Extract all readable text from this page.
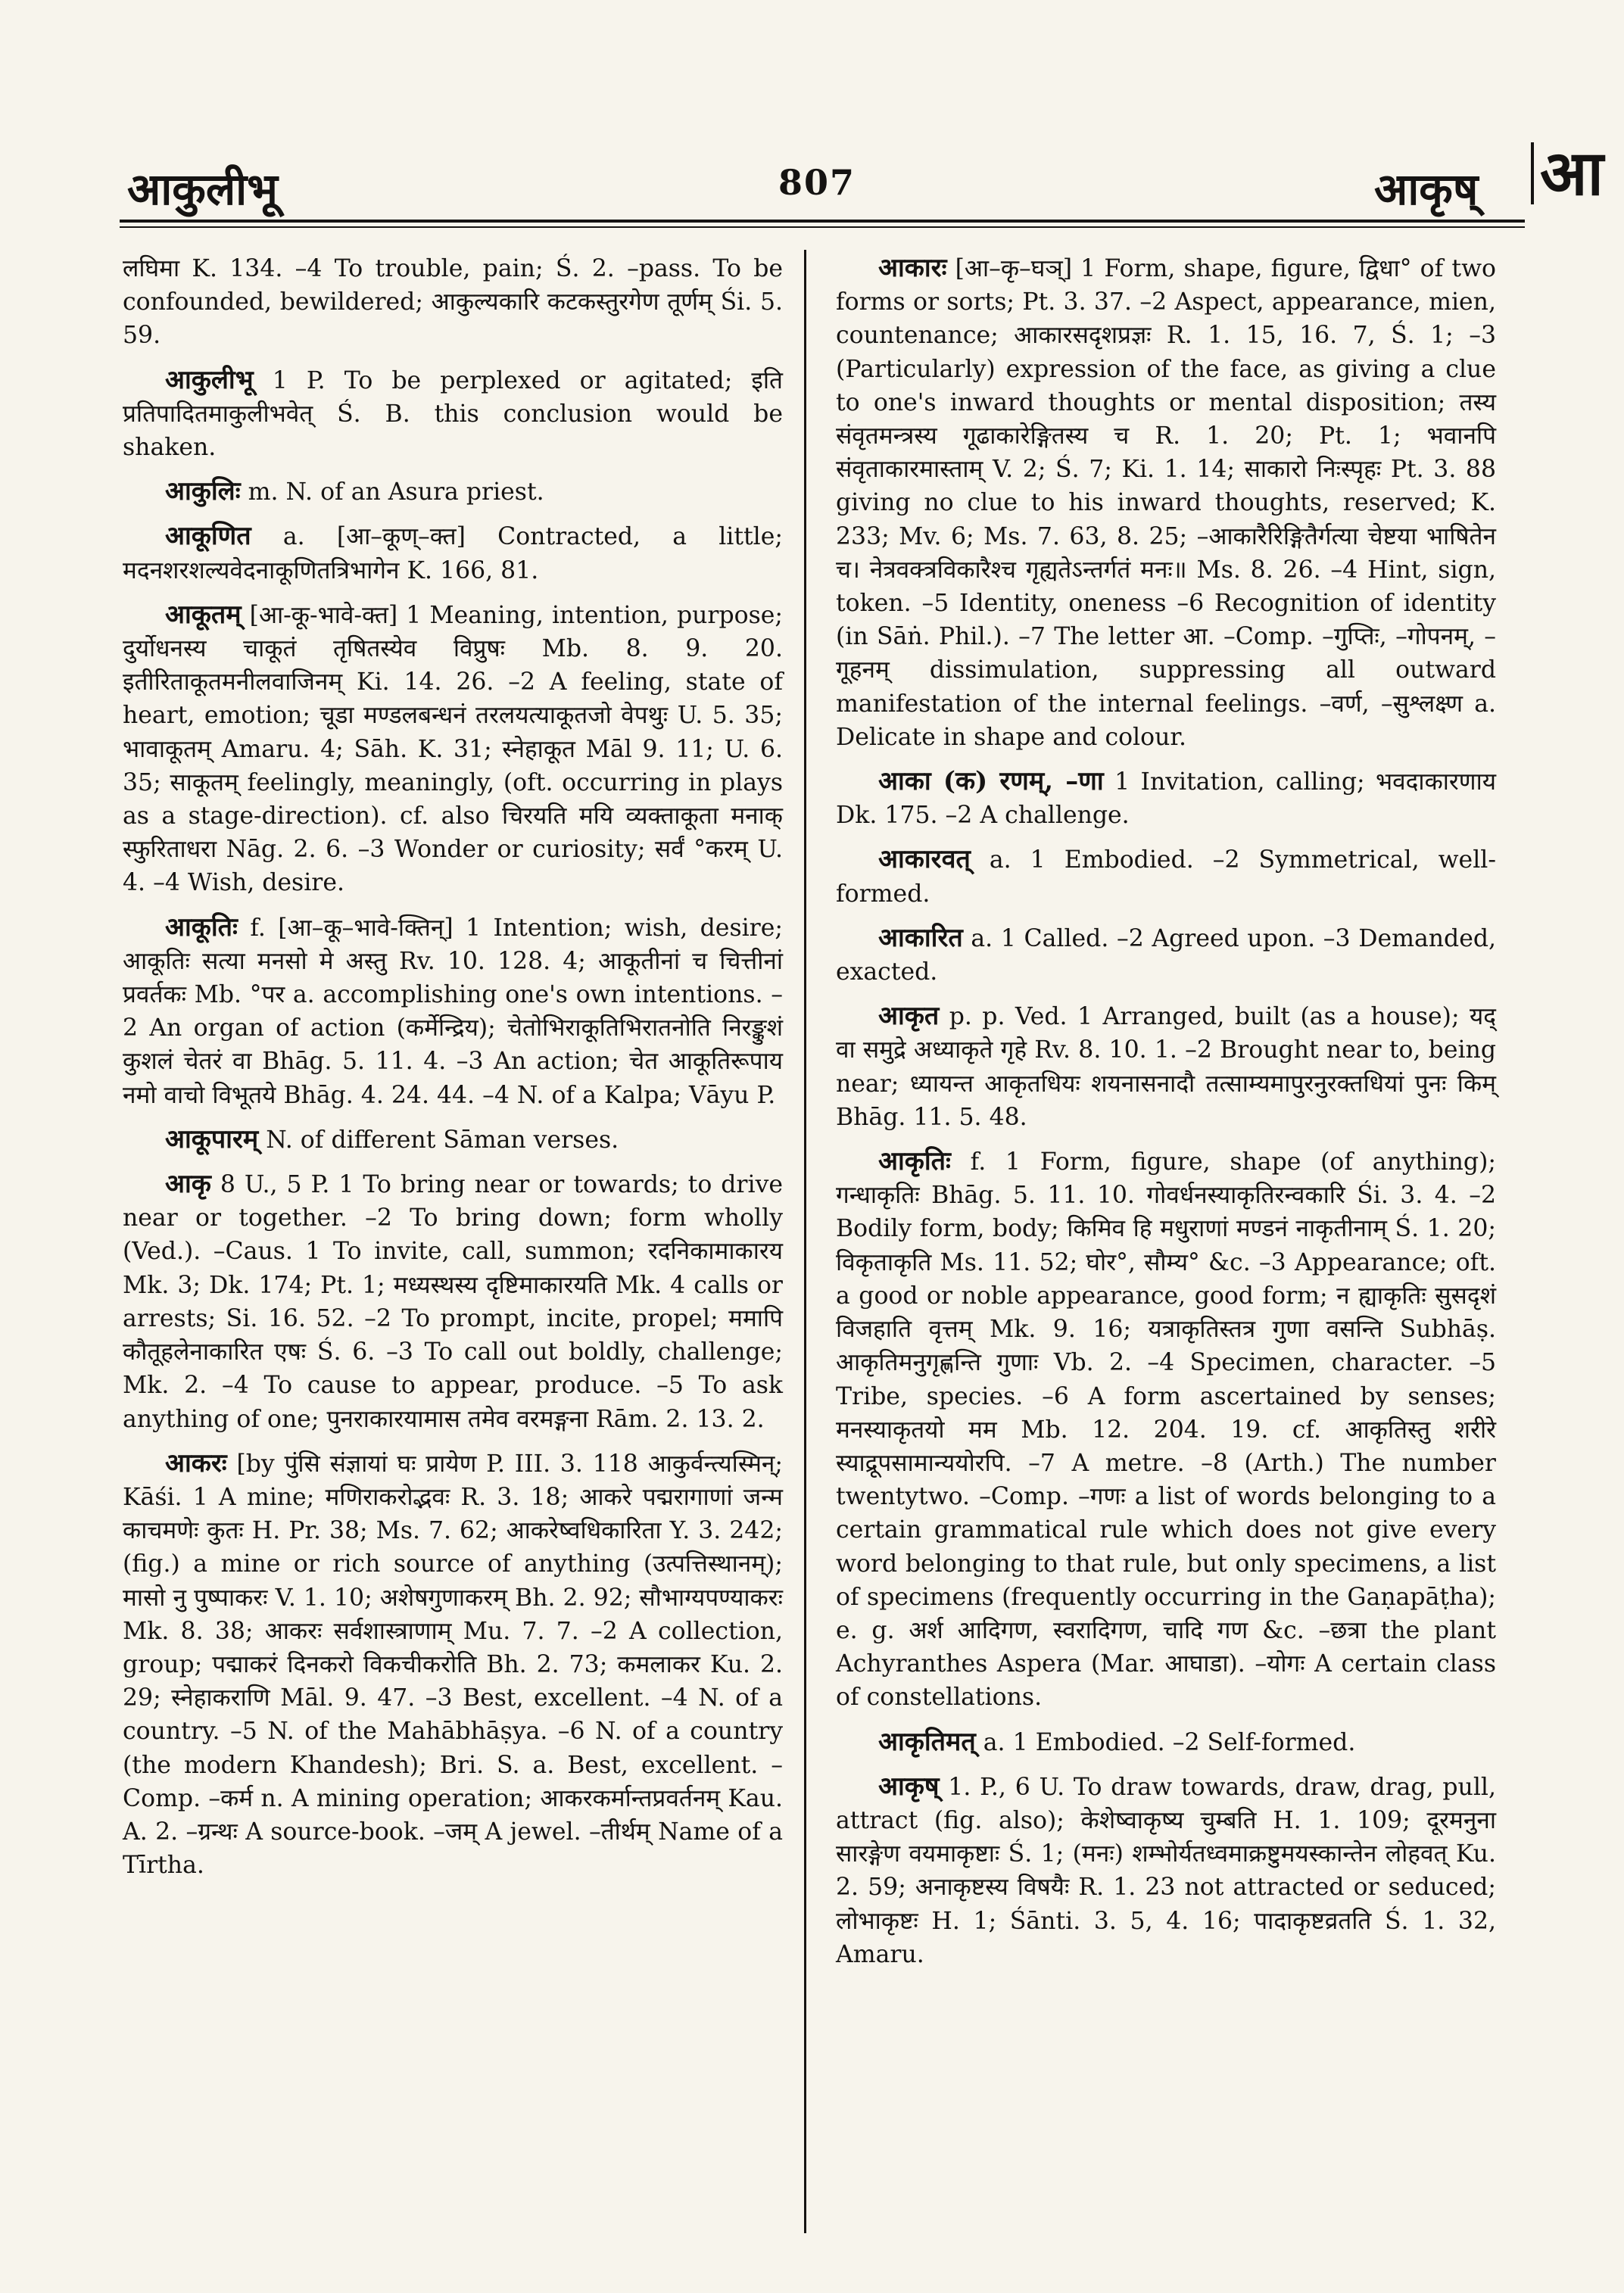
आकुलीभू	807	आकृष् आ

लघिमा K. 134. –4 To trouble, pain; Ś. 2. –pass. To be confounded, bewildered; आकुल्यकारि कटकस्तुरगेण तूर्णम् Śi. 5. 59.

आकुलीभू 1 P. To be perplexed or agitated; इति प्रतिपादितमाकुलीभवेत् Ś. B. this conclusion would be shaken.

आकुलिः m. N. of an Asura priest.

आकूणित a. [आ–कूण्–क्त] Contracted, a little; मदनशरशल्यवेदनाकूणितत्रिभागेन K. 166, 81.

आकूतम् [आ-कू-भावे-क्त] 1 Meaning, intention, purpose; दुर्योधनस्य चाकूतं तृषितस्येव विप्रुषः Mb. 8. 9. 20. इतीरिताकूतमनीलवाजिनम् Ki. 14. 26. –2 A feeling, state of heart, emotion; चूडा मण्डलबन्धनं तरलयत्याकूतजो वेपथुः U. 5. 35; भावाकूतम् Amaru. 4; Sāh. K. 31; स्नेहाकूत Māl 9. 11; U. 6. 35; साकूतम् feelingly, meaningly, (oft. occurring in plays as a stage-direction). cf. also चिरयति मयि व्यक्ताकूता मनाक् स्फुरिताधरा Nāg. 2. 6. –3 Wonder or curiosity; सर्वं °करम् U. 4. –4 Wish, desire.

आकूतिः f. [आ–कू–भावे-क्तिन्] 1 Intention; wish, desire; आकूतिः सत्या मनसो मे अस्तु Rv. 10. 128. 4; आकूतीनां च चित्तीनां प्रवर्तकः Mb. °पर a. accomplishing one's own intentions. –2 An organ of action (कर्मेन्द्रिय); चेतोभिराकूतिभिरातनोति निरङ्कुशं कुशलं चेतरं वा Bhāg. 5. 11. 4. –3 An action; चेत आकूतिरूपाय नमो वाचो विभूतये Bhāg. 4. 24. 44. –4 N. of a Kalpa; Vāyu P.

आकूपारम् N. of different Sāman verses.

आकृ 8 U., 5 P. 1 To bring near or towards; to drive near or together. –2 To bring down; form wholly (Ved.). –Caus. 1 To invite, call, summon; रदनिकामाकारय Mk. 3; Dk. 174; Pt. 1; मध्यस्थस्य दृष्टिमाकारयति Mk. 4 calls or arrests; Si. 16. 52. –2 To prompt, incite, propel; ममापि कौतूहलेनाकारित एषः Ś. 6. –3 To call out boldly, challenge; Mk. 2. –4 To cause to appear, produce. –5 To ask anything of one; पुनराकारयामास तमेव वरमङ्गना Rām. 2. 13. 2.

आकरः [by पुंसि संज्ञायां घः प्रायेण P. III. 3. 118 आकुर्वन्त्यस्मिन्; Kāśi. 1 A mine; मणिराकरोद्भवः R. 3. 18; आकरे पद्मरागाणां जन्म काचमणेः कुतः H. Pr. 38; Ms. 7. 62; आकरेष्वधिकारिता Y. 3. 242; (fig.) a mine or rich source of anything (उत्पत्तिस्थानम्); मासो नु पुष्पाकरः V. 1. 10; अशेषगुणाकरम् Bh. 2. 92; सौभाग्यपण्याकरः Mk. 8. 38; आकरः सर्वशास्त्राणाम् Mu. 7. 7. –2 A collection, group; पद्माकरं दिनकरो विकचीकरोति Bh. 2. 73; कमलाकर Ku. 2. 29; स्नेहाकराणि Māl. 9. 47. –3 Best, excellent. –4 N. of a country. –5 N. of the Mahābhāṣya. –6 N. of a country (the modern Khandesh); Bri. S. a. Best, excellent. –Comp. –कर्म n. A mining operation; आकरकर्मान्तप्रवर्तनम् Kau. A. 2. –ग्रन्थः A source-book. –जम् A jewel. –तीर्थम् Name of a Tīrtha.

आकारः [आ–कृ–घञ्] 1 Form, shape, figure, द्विधा° of two forms or sorts; Pt. 3. 37. –2 Aspect, appearance, mien, countenance; आकारसदृशप्रज्ञः R. 1. 15, 16. 7, Ś. 1; –3 (Particularly) expression of the face, as giving a clue to one's inward thoughts or mental disposition; तस्य संवृतमन्त्रस्य गूढाकारेङ्गितस्य च R. 1. 20; Pt. 1; भवानपि संवृताकारमास्ताम् V. 2; Ś. 7; Ki. 1. 14; साकारो निःस्पृहः Pt. 3. 88 giving no clue to his inward thoughts, reserved; K. 233; Mv. 6; Ms. 7. 63, 8. 25; –आकारैरिङ्गितैर्गत्या चेष्टया भाषितेन च। नेत्रवक्त्रविकारैश्च गृह्यतेऽन्तर्गतं मनः॥ Ms. 8. 26. –4 Hint, sign, token. –5 Identity, oneness –6 Recognition of identity (in Sāṅ. Phil.). –7 The letter आ. –Comp. –गुप्तिः, –गोपनम्, –गूहनम् dissimulation, suppressing all outward manifestation of the internal feelings. –वर्ण, –सुश्लक्ष्ण a. Delicate in shape and colour.

आका (क) रणम्, –णा 1 Invitation, calling; भवदाकारणाय Dk. 175. –2 A challenge.

आकारवत् a. 1 Embodied. –2 Symmetrical, well-formed.

आकारित a. 1 Called. –2 Agreed upon. –3 Demanded, exacted.

आकृत p. p. Ved. 1 Arranged, built (as a house); यद् वा समुद्रे अध्याकृते गृहे Rv. 8. 10. 1. –2 Brought near to, being near; ध्यायन्त आकृतधियः शयनासनादौ तत्साम्यमापुरनुरक्तधियां पुनः किम् Bhāg. 11. 5. 48.

आकृतिः f. 1 Form, figure, shape (of anything); गन्धाकृतिः Bhāg. 5. 11. 10. गोवर्धनस्याकृतिरन्वकारि Śi. 3. 4. –2 Bodily form, body; किमिव हि मधुराणां मण्डनं नाकृतीनाम् Ś. 1. 20; विकृताकृति Ms. 11. 52; घोर°, सौम्य° &c. –3 Appearance; oft. a good or noble appearance, good form; न ह्याकृतिः सुसदृशं विजहाति वृत्तम् Mk. 9. 16; यत्राकृतिस्तत्र गुणा वसन्ति Subhāṣ. आकृतिमनुगृह्णन्ति गुणाः Vb. 2. –4 Specimen, character. –5 Tribe, species. –6 A form ascertained by senses; मनस्याकृतयो मम Mb. 12. 204. 19. cf. आकृतिस्तु शरीरे स्याद्रूपसामान्ययोरपि. –7 A metre. –8 (Arth.) The number twentytwo. –Comp. –गणः a list of words belonging to a certain grammatical rule which does not give every word belonging to that rule, but only specimens, a list of specimens (frequently occurring in the Gaṇapāṭha); e. g. अर्श आदिगण, स्वरादिगण, चादि गण &c. –छत्रा the plant Achyranthes Aspera (Mar. आघाडा). –योगः A certain class of constellations.

आकृतिमत् a. 1 Embodied. –2 Self-formed.

आकृष् 1. P., 6 U. To draw towards, draw, drag, pull, attract (fig. also); केशेष्वाकृष्य चुम्बति H. 1. 109; दूरमनुना सारङ्गेण वयमाकृष्टाः Ś. 1; (मनः) शम्भोर्यतध्वमाक्रष्टुमयस्कान्तेन लोहवत् Ku. 2. 59; अनाकृष्टस्य विषयैः R. 1. 23 not attracted or seduced; लोभाकृष्टः H. 1; Śānti. 3. 5, 4. 16; पादाकृष्टव्रतति Ś. 1. 32, Amaru.
